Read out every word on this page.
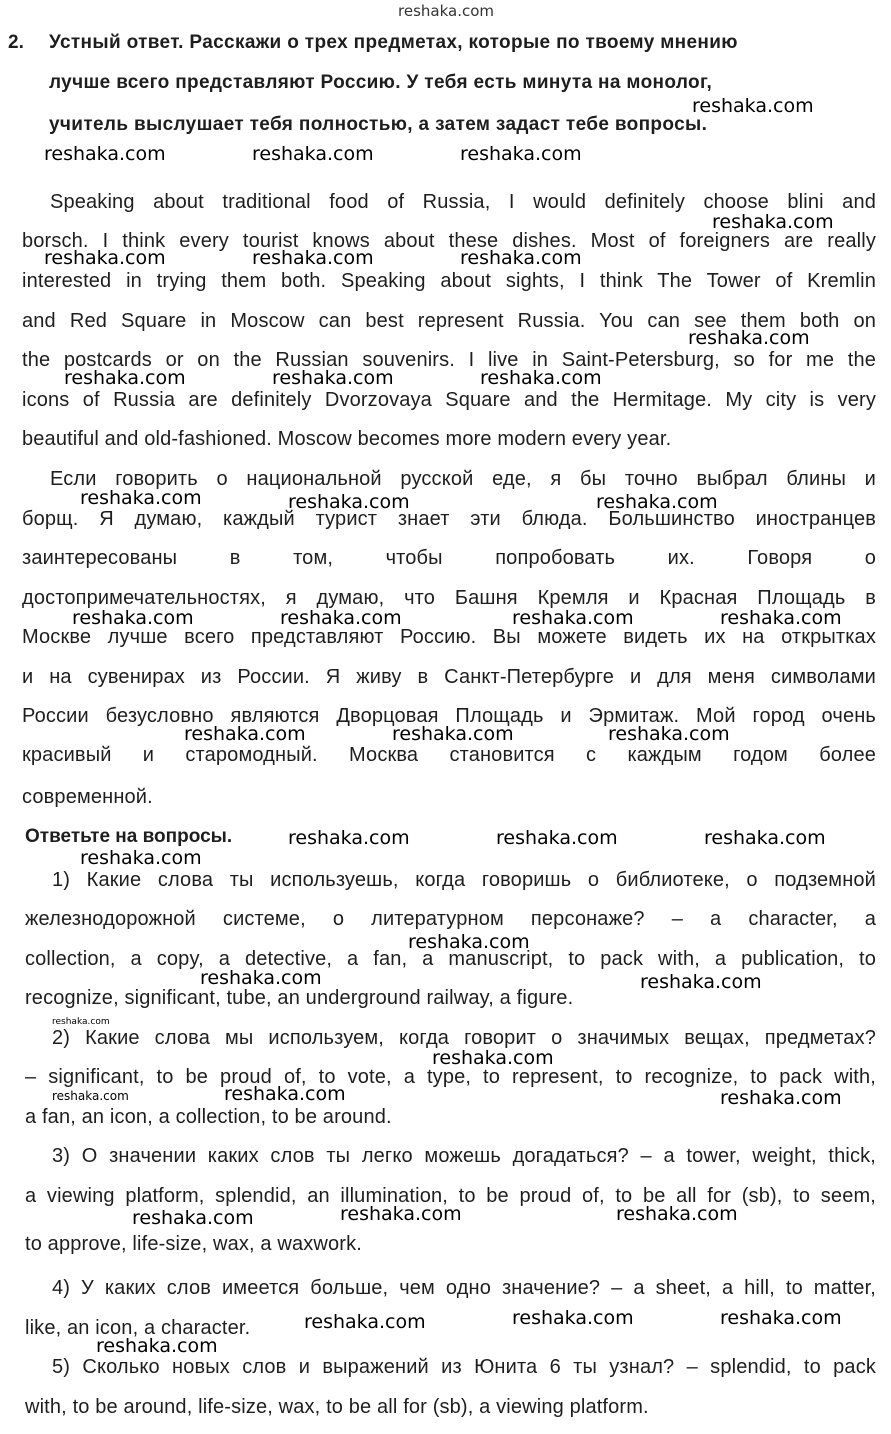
reshaka.com
2. Устный ответ. Расскажи о трех предметах, которые по твоему мнению
лучше всего представляют Россию. У тебя есть минута на монолог,
учитель выслушает тебя полностью, а затем задаст тебе вопросы.
Speaking about traditional food of Russia, I would definitely choose blini and
borsch. I think every tourist knows about these dishes. Most of foreigners are really
interested in trying them both. Speaking about sights, I think The Tower of Kremlin
and Red Square in Moscow can best represent Russia. You can see them both on
the postcards or on the Russian souvenirs. I live in Saint-Petersburg, so for me the
icons of Russia are definitely Dvorzovaya Square and the Hermitage. My city is very
beautiful and old-fashioned. Moscow becomes more modern every year.
Если говорить о национальной русской еде, я бы точно выбрал блины и
борщ. Я думаю, каждый турист знает эти блюда. Большинство иностранцев
заинтересованы в том, чтобы попробовать их. Говоря о
достопримечательностях, я думаю, что Башня Кремля и Красная Площадь в
Москве лучше всего представляют Россию. Вы можете видеть их на открытках
и на сувенирах из России. Я живу в Санкт-Петербурге и для меня символами
России безусловно являются Дворцовая Площадь и Эрмитаж. Мой город очень
красивый и старомодный. Москва становится с каждым годом более
современной.
Ответьте на вопросы.
1) Какие слова ты используешь, когда говоришь о библиотеке, о подземной
железнодорожной системе, о литературном персонаже? – a character, a
collection, a copy, a detective, a fan, a manuscript, to pack with, a publication, to
recognize, significant, tube, an underground railway, a figure.
2) Какие слова мы используем, когда говорит о значимых вещах, предметах?
– significant, to be proud of, to vote, a type, to represent, to recognize, to pack with,
a fan, an icon, a collection, to be around.
3) О значении каких слов ты легко можешь догадаться? – a tower, weight, thick,
a viewing platform, splendid, an illumination, to be proud of, to be all for (sb), to seem,
to approve, life-size, wax, a waxwork.
4) У каких слов имеется больше, чем одно значение? – a sheet, a hill, to matter,
like, an icon, a character.
5) Сколько новых слов и выражений из Юнита 6 ты узнал? – splendid, to pack
with, to be around, life-size, wax, to be all for (sb), a viewing platform.
reshaka.com
reshaka.com	reshaka.com	reshaka.com
reshaka.com
reshaka.com	reshaka.com	reshaka.com
reshaka.com	reshaka.com	reshaka.com
reshaka.com	reshaka.com	reshaka.com
reshaka.com	reshaka.com	reshaka.com
reshaka.com
reshaka.com
reshaka.com	reshaka.com	reshaka.com
reshaka.com	reshaka.com	reshaka.com
reshaka.com
reshaka.com
reshaka.com	reshaka.com
reshaka.com
reshaka.com
reshaka.com	reshaka.com	reshaka.com
reshaka.com	reshaka.com	reshaka.com
reshaka.com	reshaka.com	reshaka.com
reshaka.com
